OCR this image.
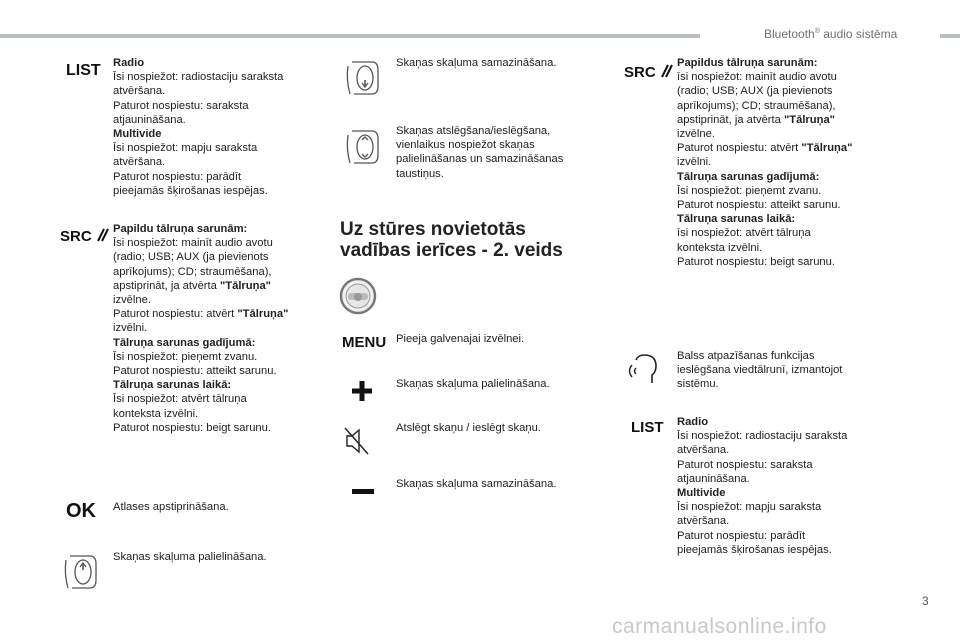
Bluetooth® audio sistēma
LIST Radio
Īsi nospiežot: radiostaciju saraksta
atvēršana.
Paturot nospiestu: saraksta
atjaunināšana.
Multivide
Īsi nospiežot: mapju saraksta
atvēršana.
Paturot nospiestu: parādīt
pieejamās šķirošanas iespējas.
SRC	Papildu tālruņa sarunām:
Īsi nospiežot: mainīt audio avotu
(radio; USB; AUX (ja pievienots
aprīkojums); CD; straumēšana),
apstiprināt, ja atvērta "Tālruņa"
izvēlne.
Paturot nospiestu: atvērt "Tālruņa"
izvēlni.
Tālruņa sarunas gadījumā:
Īsi nospiežot: pieņemt zvanu.
Paturot nospiestu: atteikt sarunu.
Tālruņa sarunas laikā:
Īsi nospiežot: atvērt tālruņa
konteksta izvēlni.
Paturot nospiestu: beigt sarunu.
OK Atlases apstiprināšana.
Skaņas skaļuma palielināšana.
Skaņas skaļuma samazināšana.
Skaņas atslēgšana/ieslēgšana,
vienlaikus nospiežot skaņas
palielināšanas un samazināšanas
taustiņus.
Uz stūres novietotās
vadības ierīces - 2. veids
MENU Pieeja galvenajai izvēlnei.
Skaņas skaļuma palielināšana.
Atslēgt skaņu / ieslēgt skaņu.
Skaņas skaļuma samazināšana.
SRC
Papildus tālruņa sarunām:
īsi nospiežot: mainīt audio avotu
(radio; USB; AUX (ja pievienots
aprīkojums); CD; straumēšana),
apstiprināt, ja atvērta "Tālruņa"
izvēlne.
Paturot nospiestu: atvērt "Tālruņa"
izvēlni.
Tālruņa sarunas gadījumā:
Īsi nospiežot: pieņemt zvanu.
Paturot nospiestu: atteikt sarunu.
Tālruņa sarunas laikā:
īsi nospiežot: atvērt tālruņa
konteksta izvēlni.
Paturot nospiestu: beigt sarunu.
Balss atpazīšanas funkcijas
ieslēgšana viedtālrunī, izmantojot
sistēmu.
LIST Radio
Īsi nospiežot: radiostaciju saraksta
atvēršana.
Paturot nospiestu: saraksta
atjaunināšana.
Multivide
Īsi nospiežot: mapju saraksta
atvēršana.
Paturot nospiestu: parādīt
pieejamās šķirošanas iespējas.
3
carmanualsonline.info
